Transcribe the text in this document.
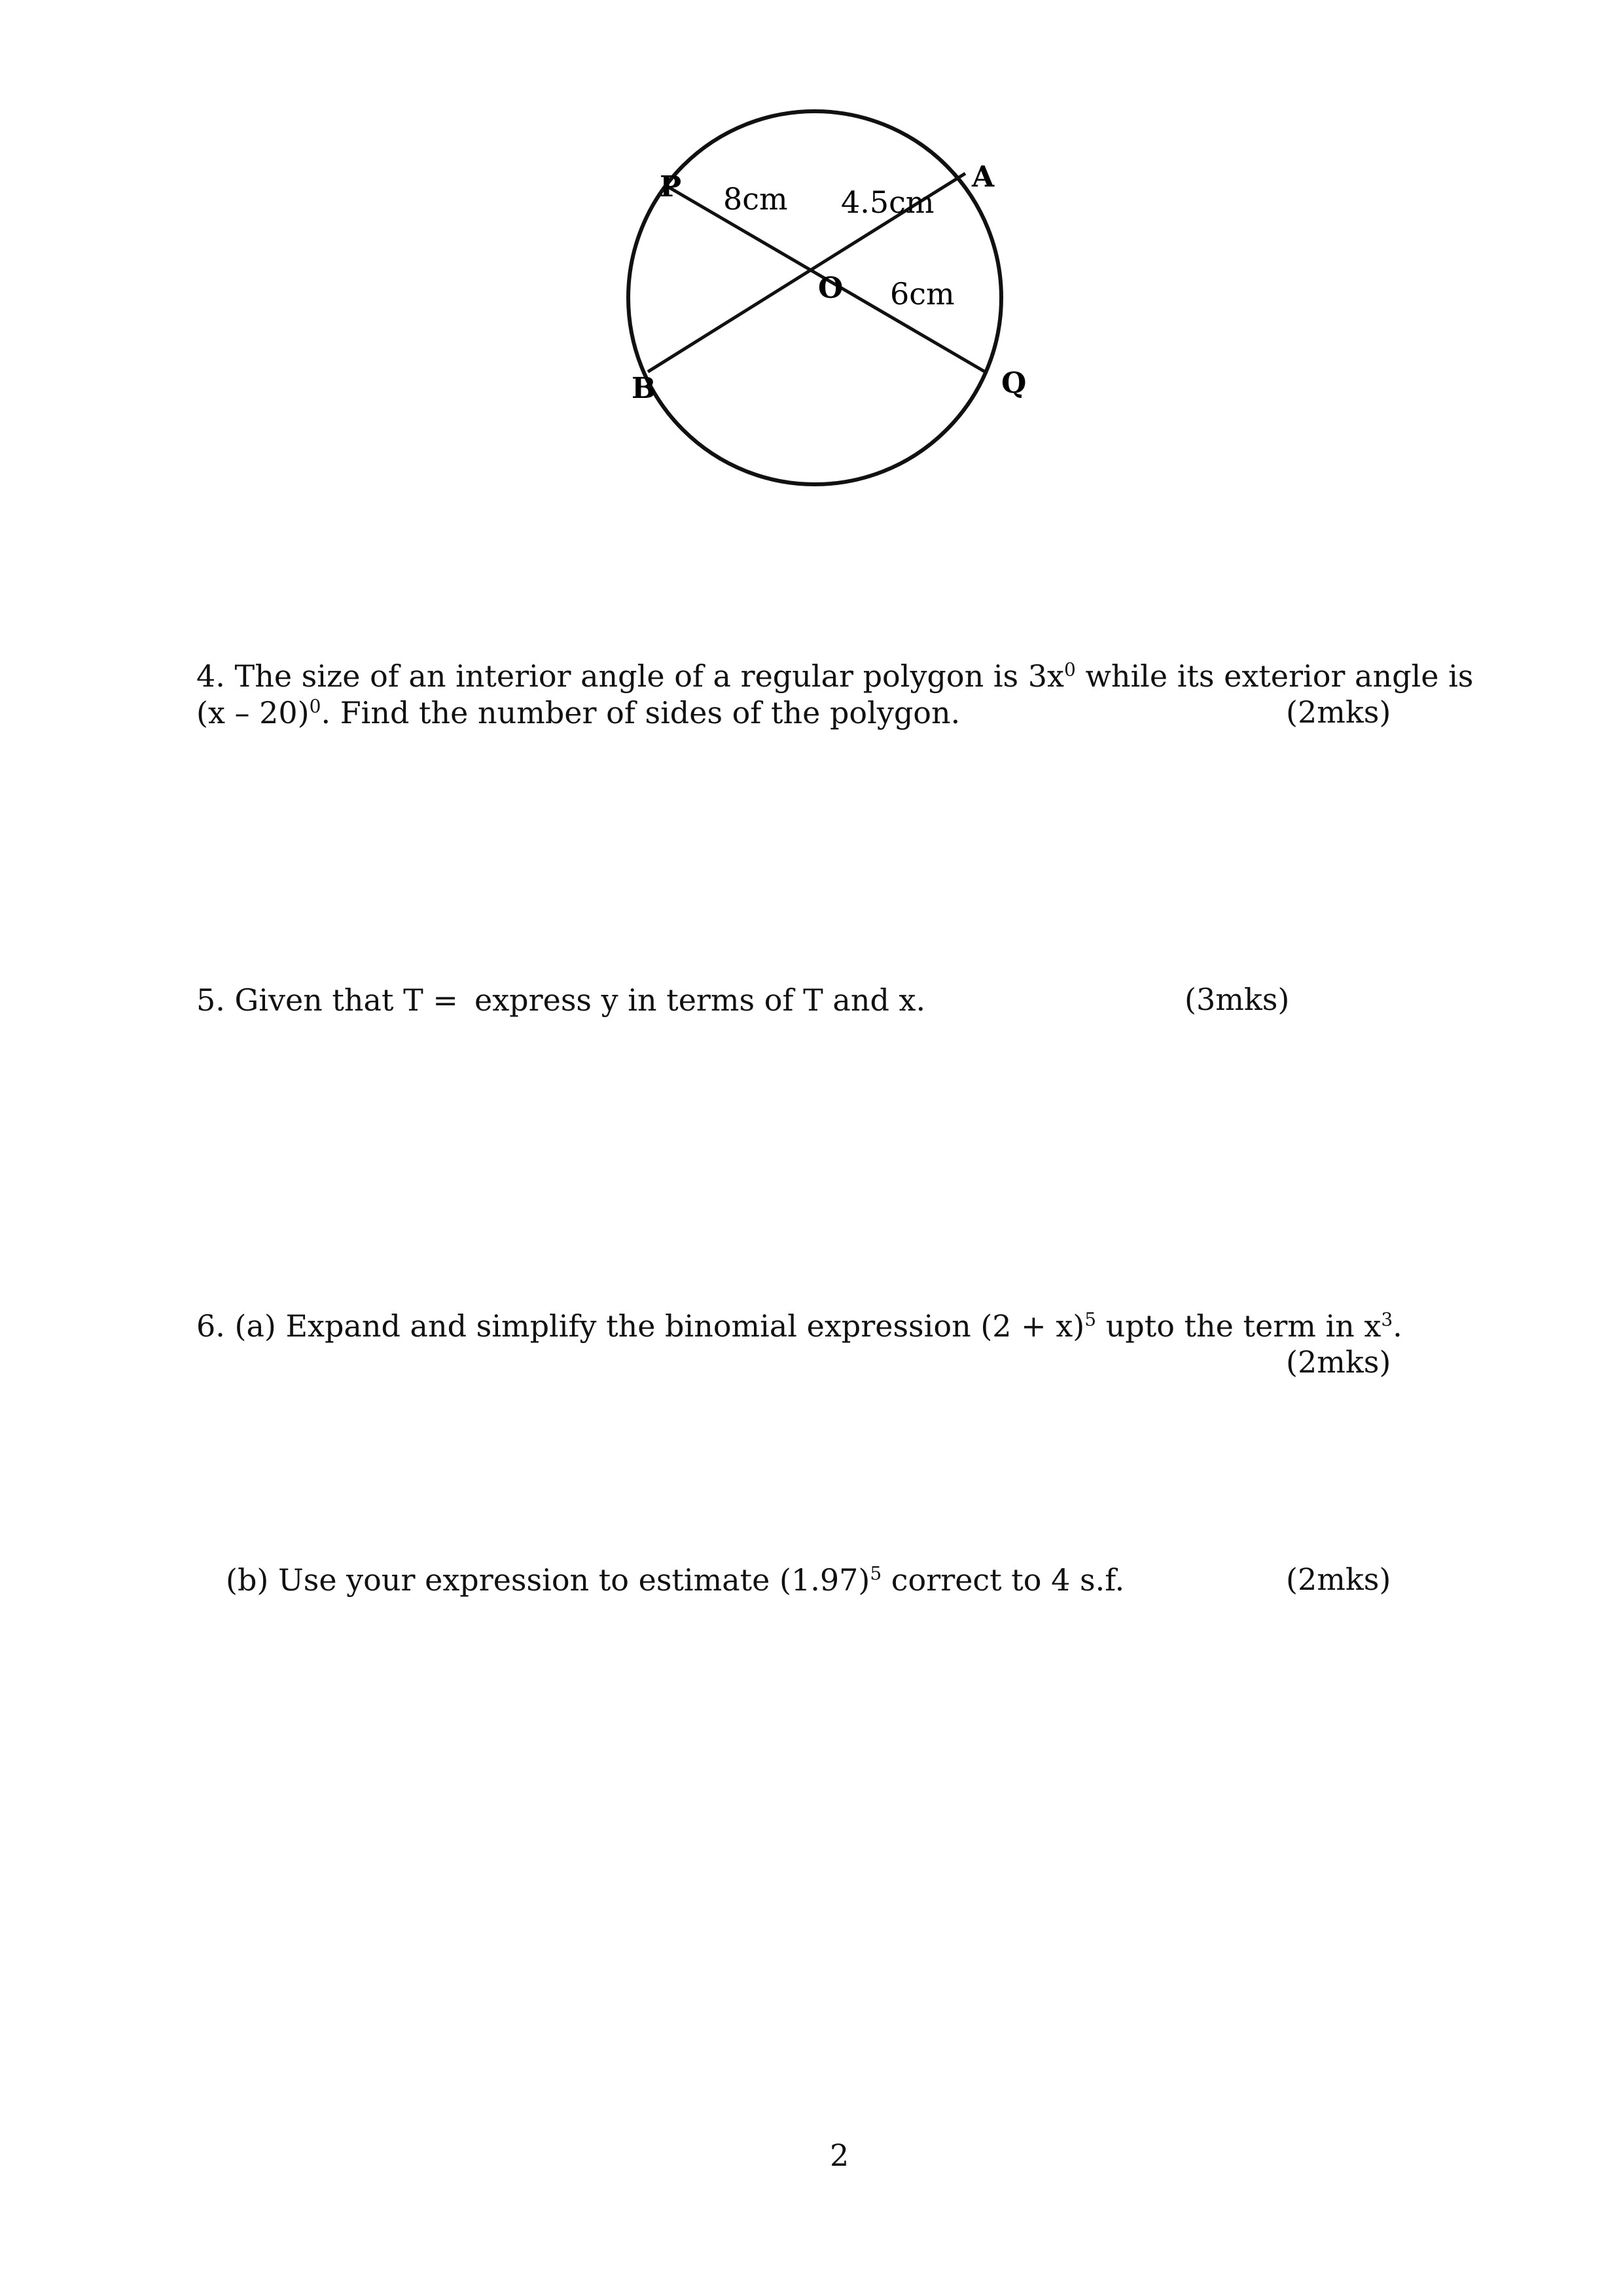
P	A
B	Q
O
8cm 4.5cm
6cm
4. The size of an interior angle of a regular polygon is $3x^0$ while its exterior angle is
(x – 20)$^0$. Find the number of sides of the polygon.	(2mks)
5. Given that T = express y in terms of T and x.	(3mks)
6. (a) Expand and simplify the binomial expression $(2 + x)^5$ upto the term in $x^3$.
(2mks)
(b) Use your expression to estimate $(1.97)^5$ correct to 4 s.f.	(2mks)
2
